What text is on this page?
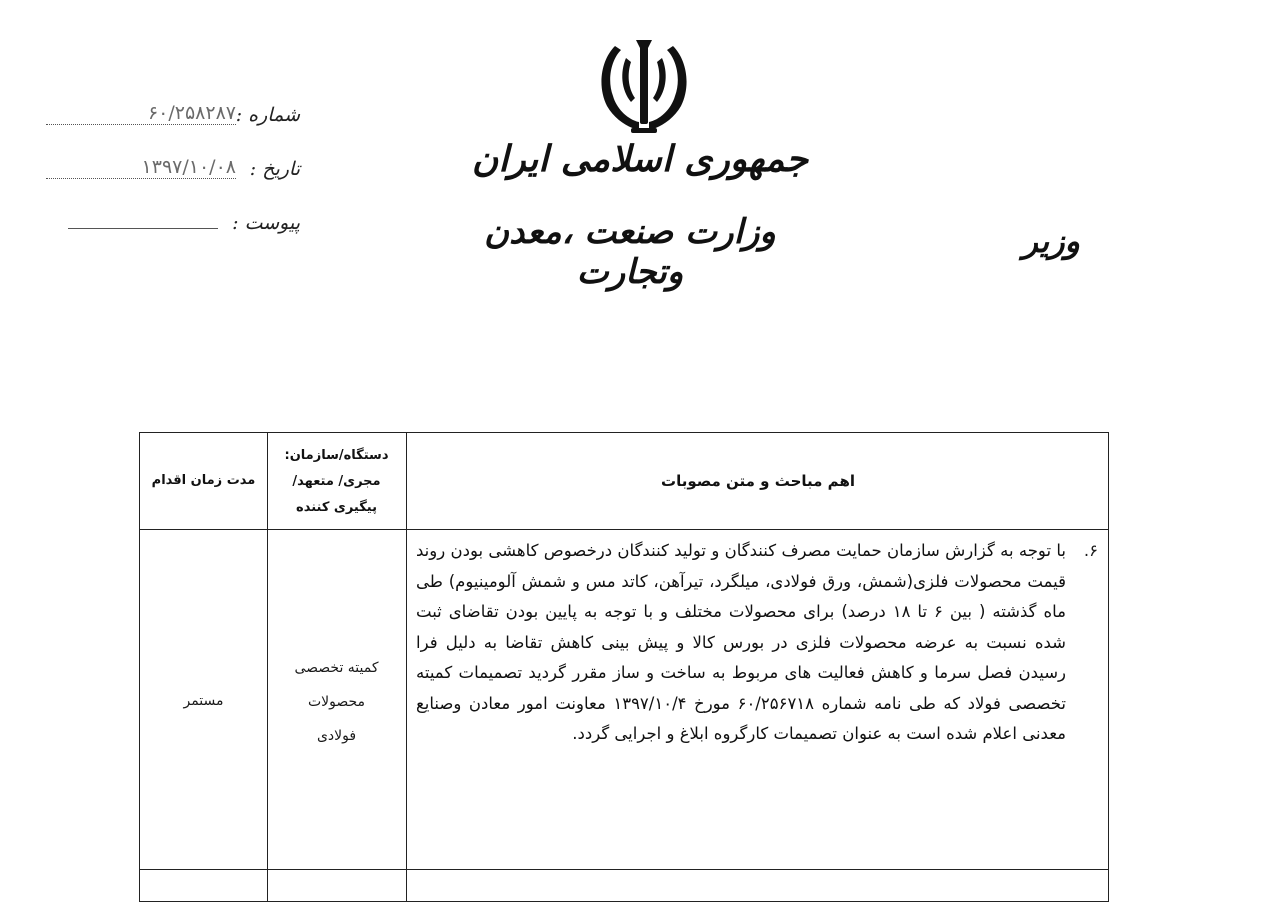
جمهوری اسلامی ایران
وزارت صنعت ،معدن وتجارت
وزیر
شماره :
۶۰/۲۵۸۲۸۷
تاریخ :
۱۳۹۷/۱۰/۰۸
پیوست :
اهم مباحث و متن مصوبات
دستگاه/سازمان:
مجری/ متعهد/
پیگیری کننده
مدت زمان اقدام
۶.
با توجه به گزارش سازمان حمایت مصرف کنندگان و تولید کنندگان درخصوص کاهشی بودن روند قیمت محصولات فلزی(شمش، ورق فولادی، میلگرد، تیرآهن، کاتد مس و شمش آلومینیوم) طی ماه گذشته ( بین ۶ تا ۱۸ درصد) برای محصولات مختلف و با توجه به پایین بودن تقاضای ثبت شده نسبت به عرضه محصولات فلزی در بورس کالا و پیش بینی کاهش تقاضا به دلیل فرا رسیدن فصل سرما و کاهش فعالیت های مربوط به ساخت و ساز مقرر گردید تصمیمات کمیته تخصصی فولاد که طی نامه شماره ۶۰/۲۵۶۷۱۸ مورخ ۱۳۹۷/۱۰/۴ معاونت امور معادن وصنایع معدنی اعلام شده است به عنوان تصمیمات کارگروه ابلاغ و اجرایی گردد.
کمیته تخصصی
محصولات
فولادی
مستمر
